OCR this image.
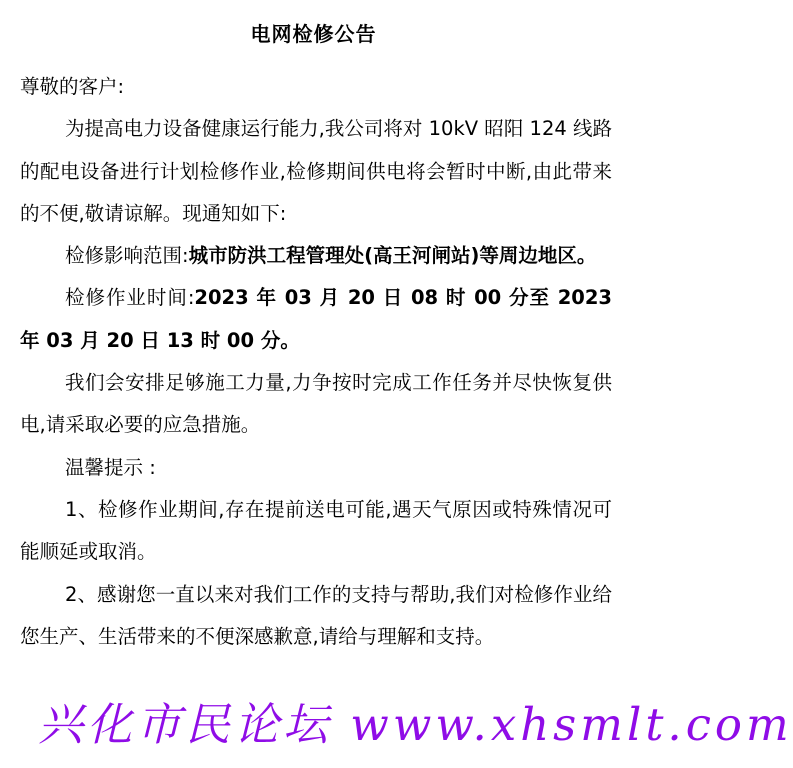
电网检修公告

尊敬的客户:

为提高电力设备健康运行能力,我公司将对 10kV 昭阳 124 线路的配电设备进行计划检修作业,检修期间供电将会暂时中断,由此带来的不便,敬请谅解。现通知如下:

检修影响范围:城市防洪工程管理处(高王河闸站)等周边地区。

检修作业时间:2023 年 03 月 20 日 08 时 00 分至 2023 年 03 月 20 日 13 时 00 分。

我们会安排足够施工力量,力争按时完成工作任务并尽快恢复供电,请采取必要的应急措施。

温馨提示 :

1、检修作业期间,存在提前送电可能,遇天气原因或特殊情况可能顺延或取消。

2、感谢您一直以来对我们工作的支持与帮助,我们对检修作业给您生产、生活带来的不便深感歉意,请给与理解和支持。

兴化市民论坛 www.xhsmlt.com
